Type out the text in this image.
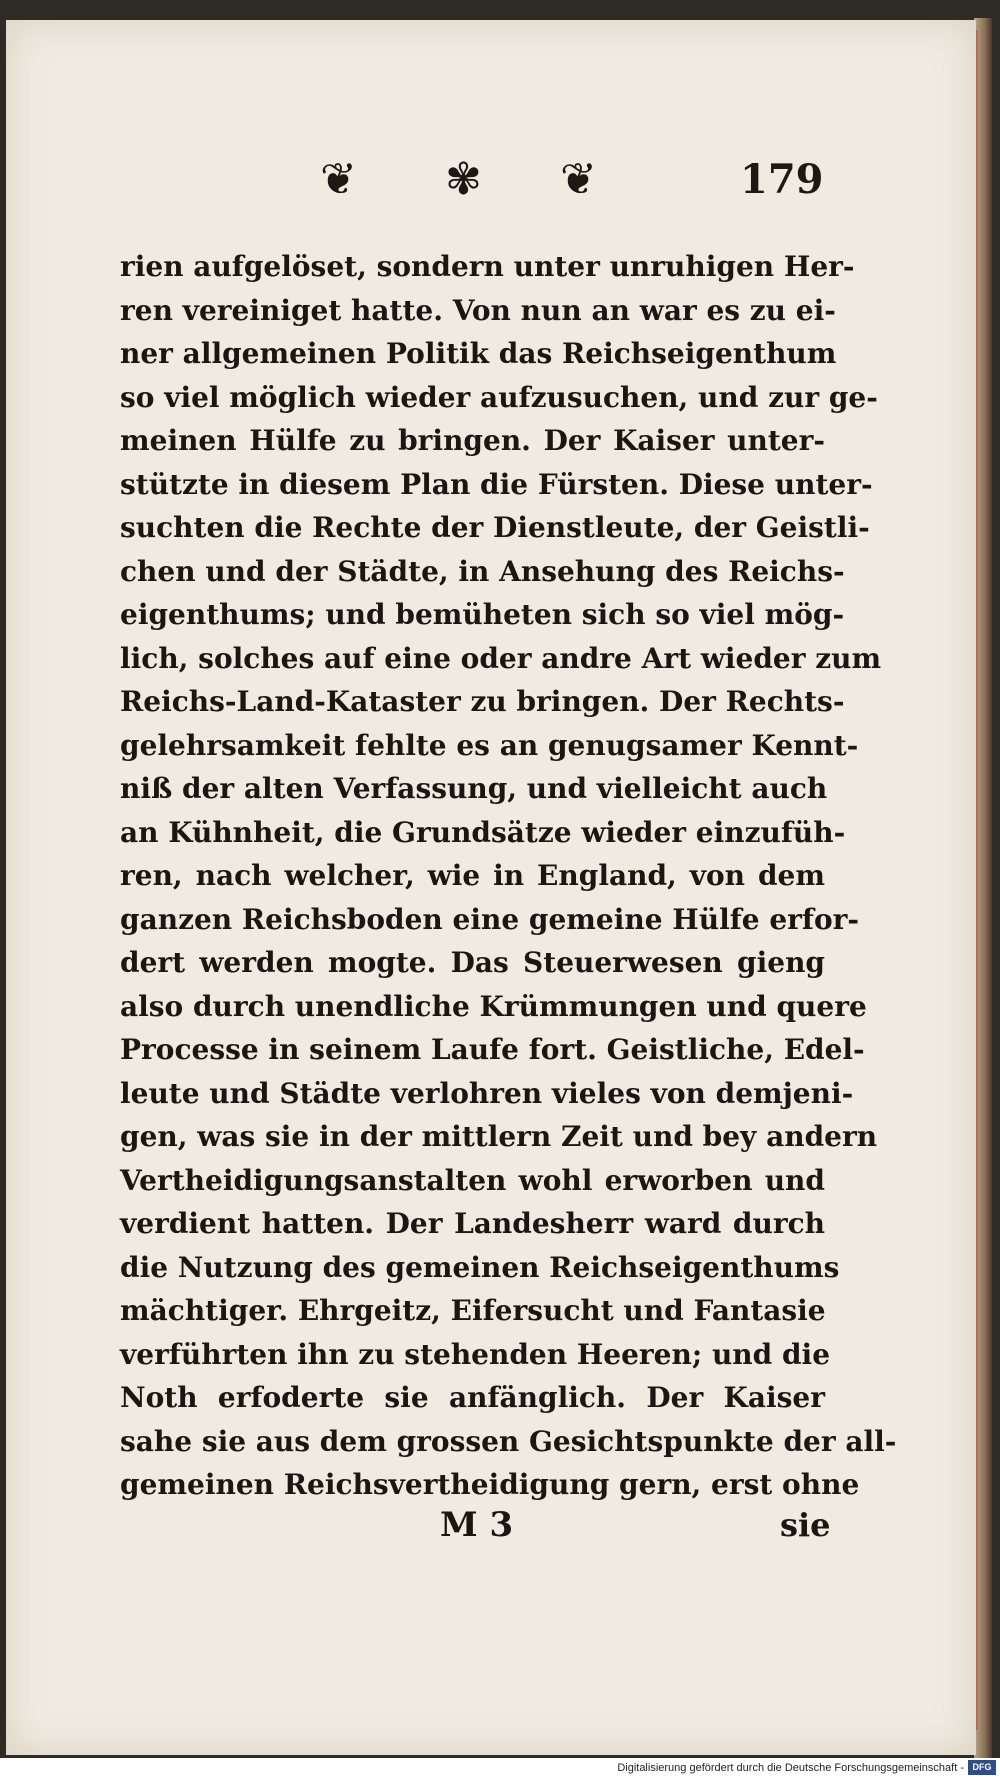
❦ ✾ ❦	179
rien aufgelöset, sondern unter unruhigen Her-
ren vereiniget hatte. Von nun an war es zu ei-
ner allgemeinen Politik das Reichseigenthum
so viel möglich wieder aufzusuchen, und zur ge-
meinen Hülfe zu bringen. Der Kaiser unter-
stützte in diesem Plan die Fürsten. Diese unter-
suchten die Rechte der Dienstleute, der Geistli-
chen und der Städte, in Ansehung des Reichs-
eigenthums; und bemüheten sich so viel mög-
lich, solches auf eine oder andre Art wieder zum
Reichs-Land-Kataster zu bringen. Der Rechts-
gelehrsamkeit fehlte es an genugsamer Kennt-
niß der alten Verfassung, und vielleicht auch
an Kühnheit, die Grundsätze wieder einzufüh-
ren, nach welcher, wie in England, von dem
ganzen Reichsboden eine gemeine Hülfe erfor-
dert werden mogte. Das Steuerwesen gieng
also durch unendliche Krümmungen und quere
Processe in seinem Laufe fort. Geistliche, Edel-
leute und Städte verlohren vieles von demjeni-
gen, was sie in der mittlern Zeit und bey andern
Vertheidigungsanstalten wohl erworben und
verdient hatten. Der Landesherr ward durch
die Nutzung des gemeinen Reichseigenthums
mächtiger. Ehrgeitz, Eifersucht und Fantasie
verführten ihn zu stehenden Heeren; und die
Noth erfoderte sie anfänglich. Der Kaiser
sahe sie aus dem grossen Gesichtspunkte der all-
gemeinen Reichsvertheidigung gern, erst ohne
M 3	sie
Digitalisierung gefördert durch die Deutsche Forschungsgemeinschaft - DFG
